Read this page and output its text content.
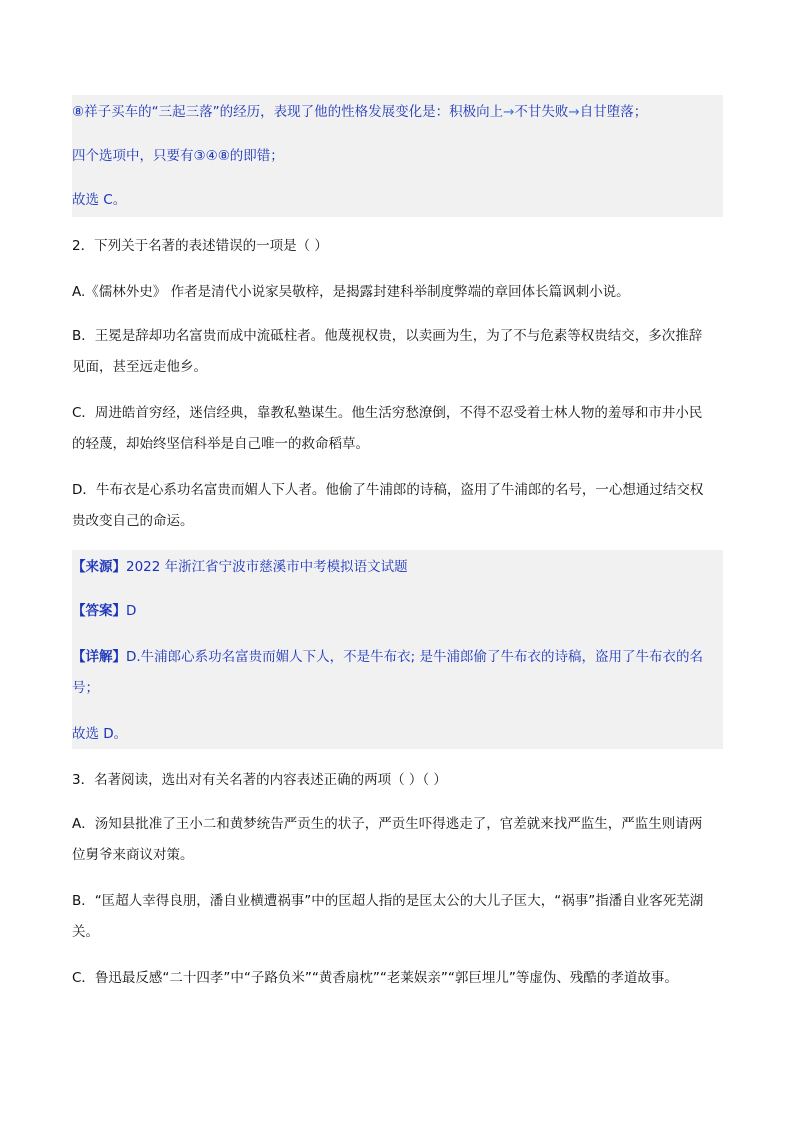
⑧祥子买车的“三起三落”的经历，表现了他的性格发展变化是：积极向上→不甘失败→自甘堕落；
四个选项中，只要有③④⑧的即错；
故选 C。
2．下列关于名著的表述错误的一项是（ ）
A.《儒林外史》 作者是清代小说家吴敬梓，是揭露封建科举制度弊端的章回体长篇讽刺小说。
B．王冕是辞却功名富贵而成中流砥柱者。他蔑视权贵，以卖画为生，为了不与危素等权贵结交，多次推辞
见面，甚至远走他乡。
C．周进皓首穷经，迷信经典，靠教私塾谋生。他生活穷愁潦倒，不得不忍受着士林人物的羞辱和市井小民
的轻蔑，却始终坚信科举是自己唯一的救命稻草。
D．牛布衣是心系功名富贵而媚人下人者。他偷了牛浦郎的诗稿，盗用了牛浦郎的名号，一心想通过结交权
贵改变自己的命运。
【来源】2022 年浙江省宁波市慈溪市中考模拟语文试题
【答案】D
【详解】D.牛浦郎心系功名富贵而媚人下人，不是牛布衣; 是牛浦郎偷了牛布衣的诗稿，盗用了牛布衣的名
号；
故选 D。
3．名著阅读，选出对有关名著的内容表述正确的两项（ ）（ ）
A．汤知县批准了王小二和黄梦统告严贡生的状子，严贡生吓得逃走了，官差就来找严监生，严监生则请两
位舅爷来商议对策。
B．“匡超人幸得良朋，潘自业横遭祸事”中的匡超人指的是匡太公的大儿子匡大，“祸事”指潘自业客死芜湖
关。
C．鲁迅最反感“二十四孝”中“子路负米”“黄香扇枕”“老莱娱亲”“郭巨埋儿”等虚伪、残酷的孝道故事。
